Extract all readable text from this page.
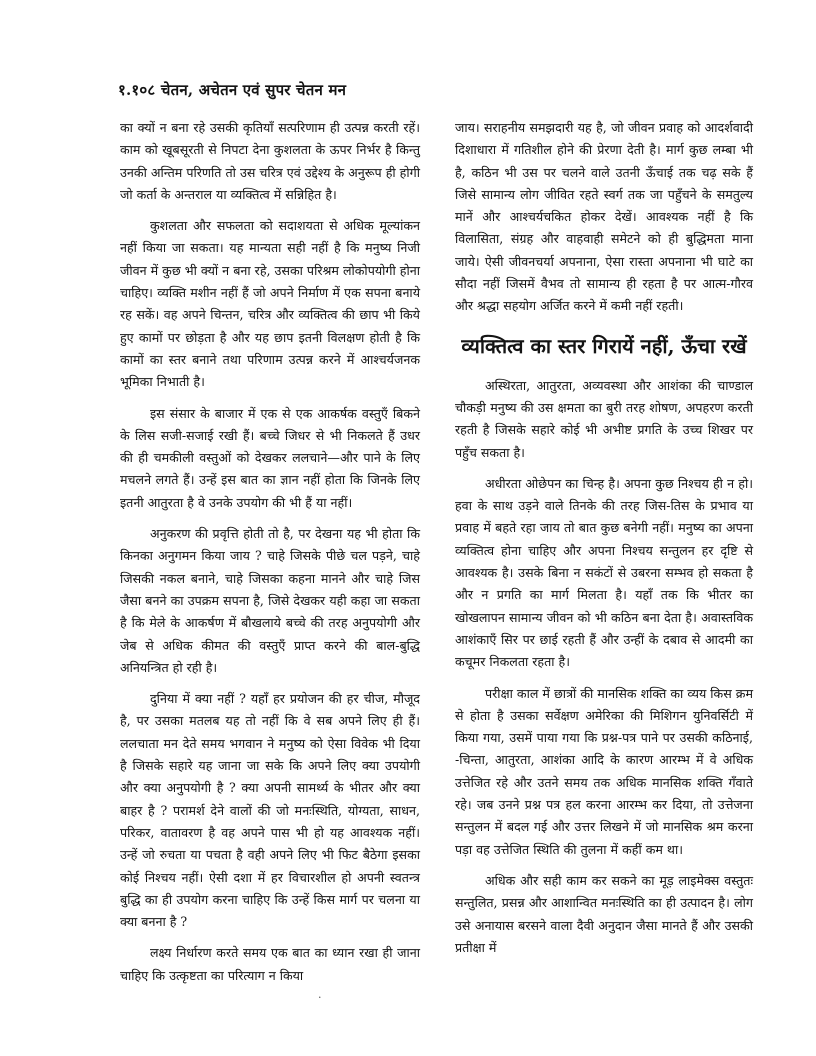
१.१०८ चेतन, अचेतन एवं सुपर चेतन मन

का क्यों न बना रहे उसकी कृतियाँ सत्परिणाम ही उत्पन्न करती रहें। काम को खूबसूरती से निपटा देना कुशलता के ऊपर निर्भर है किन्तु उनकी अन्तिम परिणति तो उस चरित्र एवं उद्देश्य के अनुरूप ही होगी जो कर्ता के अन्तराल या व्यक्तित्व में सन्निहित है।

कुशलता और सफलता को सदाशयता से अधिक मूल्यांकन नहीं किया जा सकता। यह मान्यता सही नहीं है कि मनुष्य निजी जीवन में कुछ भी क्यों न बना रहे, उसका परिश्रम लोकोपयोगी होना चाहिए। व्यक्ति मशीन नहीं हैं जो अपने निर्माण में एक सपना बनाये रह सकें। वह अपने चिन्तन, चरित्र और व्यक्तित्व की छाप भी किये हुए कामों पर छोड़ता है और यह छाप इतनी विलक्षण होती है कि कामों का स्तर बनाने तथा परिणाम उत्पन्न करने में आश्चर्यजनक भूमिका निभाती है।

इस संसार के बाजार में एक से एक आकर्षक वस्तुएँ बिकने के लिस सजी-सजाई रखी हैं। बच्चे जिधर से भी निकलते हैं उधर की ही चमकीली वस्तुओं को देखकर ललचाने—और पाने के लिए मचलने लगते हैं। उन्हें इस बात का ज्ञान नहीं होता कि जिनके लिए इतनी आतुरता है वे उनके उपयोग की भी हैं या नहीं।

अनुकरण की प्रवृत्ति होती तो है, पर देखना यह भी होता कि किनका अनुगमन किया जाय ? चाहे जिसके पीछे चल पड़ने, चाहे जिसकी नकल बनाने, चाहे जिसका कहना मानने और चाहे जिस जैसा बनने का उपक्रम सपना है, जिसे देखकर यही कहा जा सकता है कि मेले के आकर्षण में बौखलाये बच्चे की तरह अनुपयोगी और जेब से अधिक कीमत की वस्तुएँ प्राप्त करने की बाल-बुद्धि अनियन्त्रित हो रही है।

दुनिया में क्या नहीं ? यहाँ हर प्रयोजन की हर चीज, मौजूद है, पर उसका मतलब यह तो नहीं कि वे सब अपने लिए ही हैं। ललचाता मन देते समय भगवान ने मनुष्य को ऐसा विवेक भी दिया है जिसके सहारे यह जाना जा सके कि अपने लिए क्या उपयोगी और क्या अनुपयोगी है ? क्या अपनी सामर्थ्य के भीतर और क्या बाहर है ? परामर्श देने वालों की जो मनःस्थिति, योग्यता, साधन, परिकर, वातावरण है वह अपने पास भी हो यह आवश्यक नहीं। उन्हें जो रुचता या पचता है वही अपने लिए भी फिट बैठेगा इसका कोई निश्चय नहीं। ऐसी दशा में हर विचारशील हो अपनी स्वतन्त्र बुद्धि का ही उपयोग करना चाहिए कि उन्हें किस मार्ग पर चलना या क्या बनना है ?

लक्ष्य निर्धारण करते समय एक बात का ध्यान रखा ही जाना चाहिए कि उत्कृष्टता का परित्याग न किया

जाय। सराहनीय समझदारी यह है, जो जीवन प्रवाह को आदर्शवादी दिशाधारा में गतिशील होने की प्रेरणा देती है। मार्ग कुछ लम्बा भी है, कठिन भी उस पर चलने वाले उतनी ऊँचाई तक चढ़ सके हैं जिसे सामान्य लोग जीवित रहते स्वर्ग तक जा पहुँचने के समतुल्य मानें और आश्चर्यचकित होकर देखें। आवश्यक नहीं है कि विलासिता, संग्रह और वाहवाही समेटने को ही बुद्धिमता माना जाये। ऐसी जीवनचर्या अपनाना, ऐसा रास्ता अपनाना भी घाटे का सौदा नहीं जिसमें वैभव तो सामान्य ही रहता है पर आत्म-गौरव और श्रद्धा सहयोग अर्जित करने में कमी नहीं रहती।

व्यक्तित्व का स्तर गिरायें नहीं, ऊँचा रखें

अस्थिरता, आतुरता, अव्यवस्था और आशंका की चाण्डाल चौकड़ी मनुष्य की उस क्षमता का बुरी तरह शोषण, अपहरण करती रहती है जिसके सहारे कोई भी अभीष्ट प्रगति के उच्च शिखर पर पहुँच सकता है।

अधीरता ओछेपन का चिन्ह है। अपना कुछ निश्चय ही न हो। हवा के साथ उड़ने वाले तिनके की तरह जिस-तिस के प्रभाव या प्रवाह में बहते रहा जाय तो बात कुछ बनेगी नहीं। मनुष्य का अपना व्यक्तित्व होना चाहिए और अपना निश्चय सन्तुलन हर दृष्टि से आवश्यक है। उसके बिना न सकंटों से उबरना सम्भव हो सकता है और न प्रगति का मार्ग मिलता है। यहाँ तक कि भीतर का खोखलापन सामान्य जीवन को भी कठिन बना देता है। अवास्तविक आशंकाएँ सिर पर छाई रहती हैं और उन्हीं के दबाव से आदमी का कचूमर निकलता रहता है।

परीक्षा काल में छात्रों की मानसिक शक्ति का व्यय किस क्रम से होता है उसका सर्वेक्षण अमेरिका की मिशिगन युनिवर्सिटी में किया गया, उसमें पाया गया कि प्रश्न-पत्र पाने पर उसकी कठिनाई, -चिन्ता, आतुरता, आशंका आदि के कारण आरम्भ में वे अधिक उत्तेजित रहे और उतने समय तक अधिक मानसिक शक्ति गँवाते रहे। जब उनने प्रश्न पत्र हल करना आरम्भ कर दिया, तो उत्तेजना सन्तुलन में बदल गई और उत्तर लिखने में जो मानसिक श्रम करना पड़ा वह उत्तेजित स्थिति की तुलना में कहीं कम था।

अधिक और सही काम कर सकने का मूड़ लाइमेक्स वस्तुतः सन्तुलित, प्रसन्न और आशान्वित मनःस्थिति का ही उत्पादन है। लोग उसे अनायास बरसने वाला दैवी अनुदान जैसा मानते हैं और उसकी प्रतीक्षा में

.
